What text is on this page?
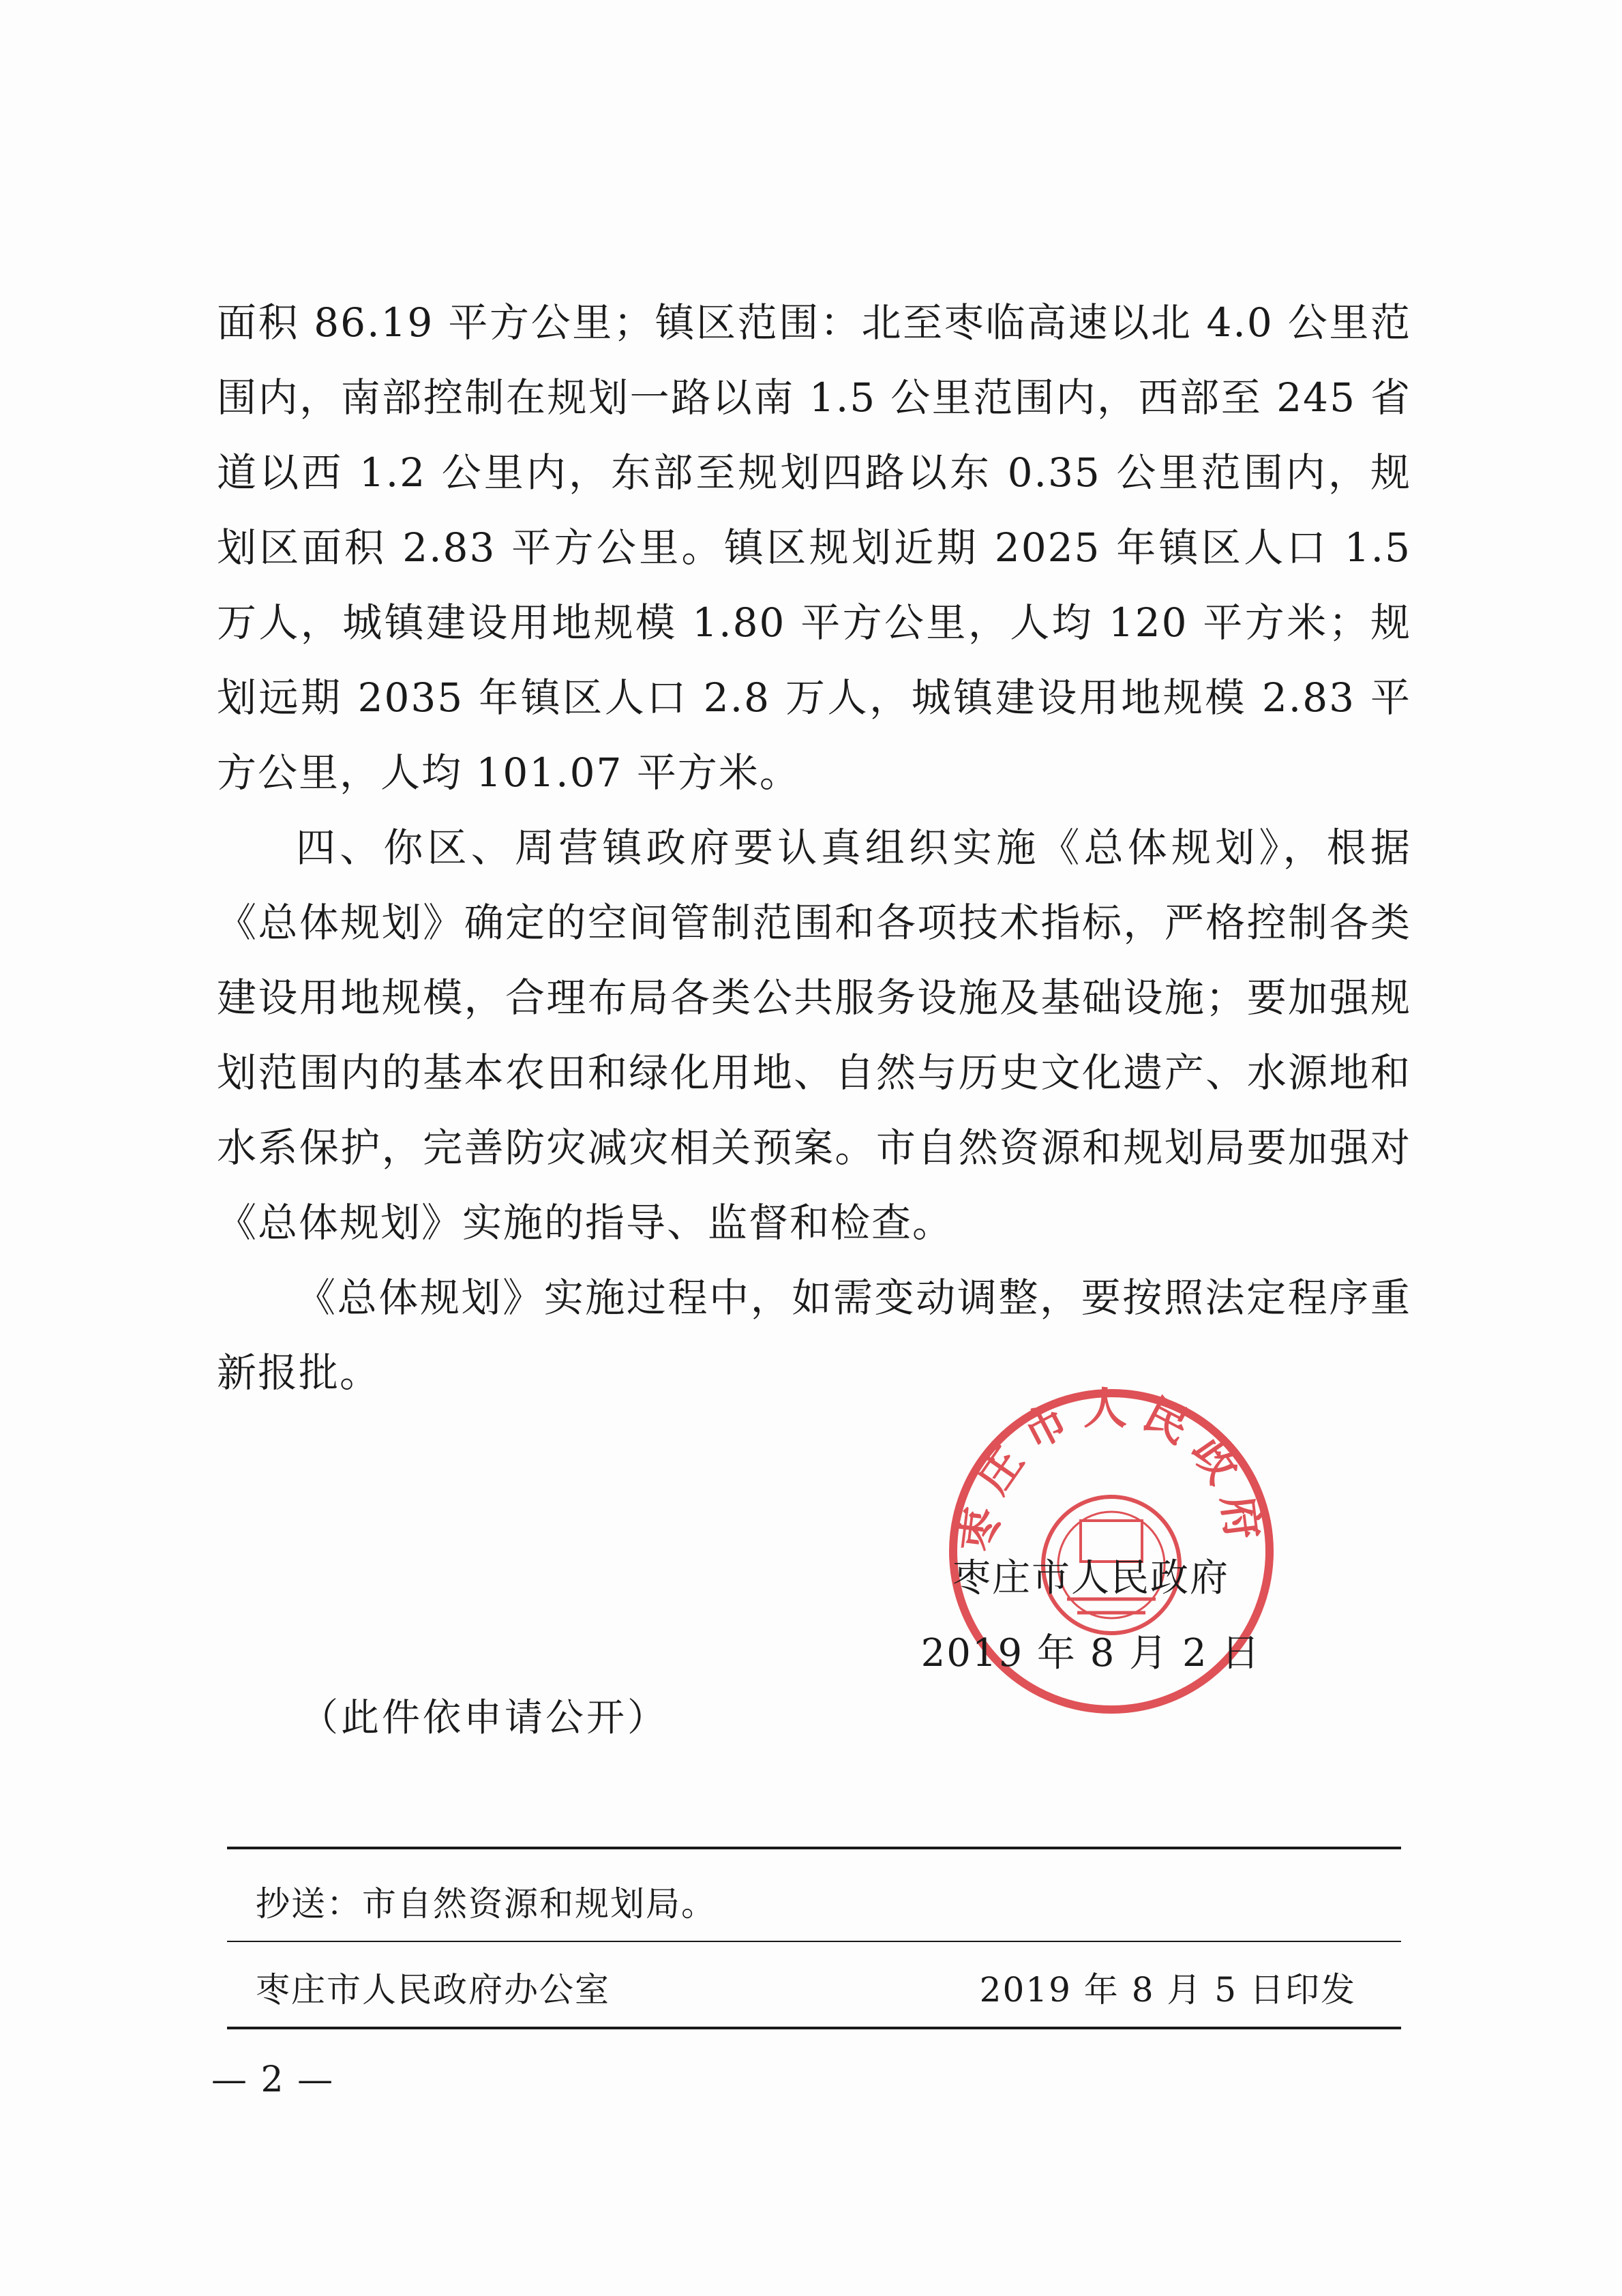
面积 86.19 平方公里；镇区范围：北至枣临高速以北 4.0 公里范围内，南部控制在规划一路以南 1.5 公里范围内，西部至 245 省道以西 1.2 公里内，东部至规划四路以东 0.35 公里范围内，规划区面积 2.83 平方公里。镇区规划近期 2025 年镇区人口 1.5 万人，城镇建设用地规模 1.80 平方公里，人均 120 平方米；规划远期 2035 年镇区人口 2.8 万人，城镇建设用地规模 2.83 平方公里，人均 101.07 平方米。

四、你区、周营镇政府要认真组织实施《总体规划》，根据《总体规划》确定的空间管制范围和各项技术指标，严格控制各类建设用地规模，合理布局各类公共服务设施及基础设施；要加强规划范围内的基本农田和绿化用地、自然与历史文化遗产、水源地和水系保护，完善防灾减灾相关预案。市自然资源和规划局要加强对《总体规划》实施的指导、监督和检查。

《总体规划》实施过程中，如需变动调整，要按照法定程序重新报批。

枣庄市人民政府
枣庄市人民政府
2019 年 8 月 2 日
（此件依申请公开）
抄送：市自然资源和规划局。
枣庄市人民政府办公室	2019 年 8 月 5 日印发
— 2 —
